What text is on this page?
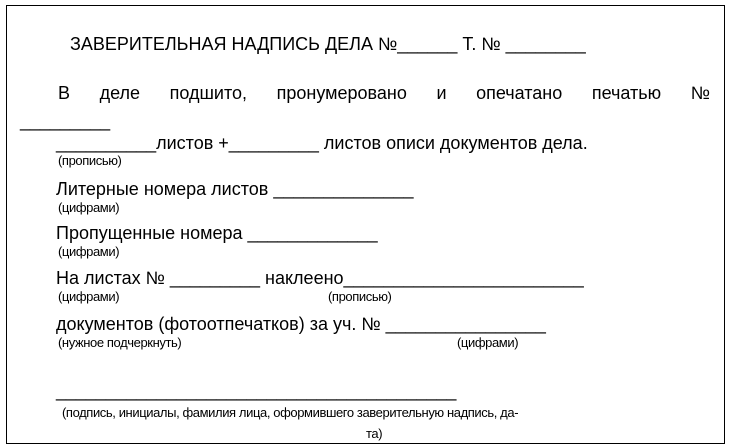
ЗАВЕРИТЕЛЬНАЯ НАДПИСЬ ДЕЛА №______ Т. № ________
В деле подшито, пронумеровано и опечатано печатью №
_________
__________листов +_________ листов описи документов дела.
(прописью)
Литерные номера листов ______________
(цифрами)
Пропущенные номера _____________
(цифрами)
На листах № _________ наклеено________________________
(цифрами)	(прописью)
документов (фотоотпечатков) за уч. № ________________
(нужное подчеркнуть)	(цифрами)
________________________________________
(подпись, инициалы, фамилия лица, оформившего заверительную надпись, да-
та)
